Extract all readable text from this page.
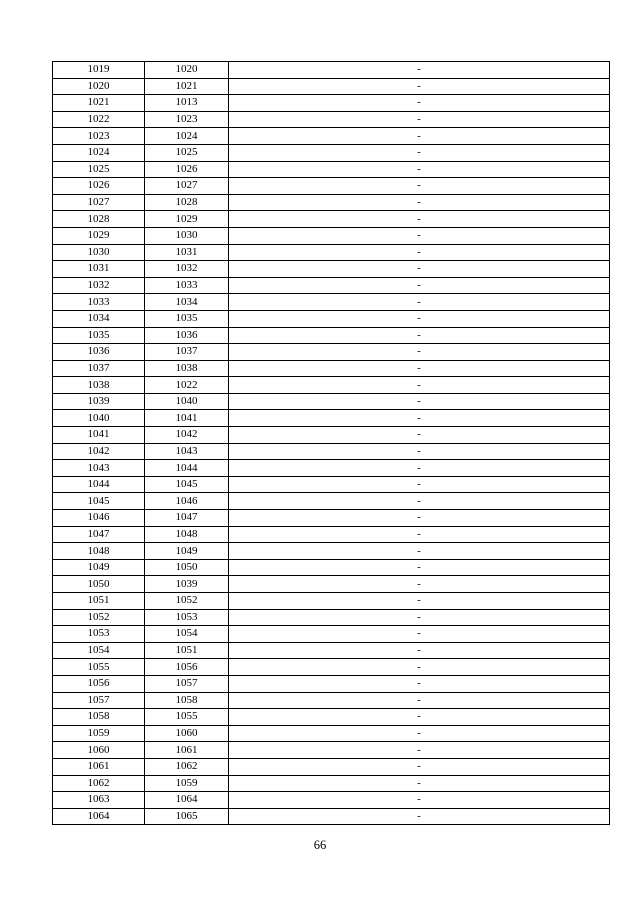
1019	1020	-
1020	1021	-
1021	1013	-
1022	1023	-
1023	1024	-
1024	1025	-
1025	1026	-
1026	1027	-
1027	1028	-
1028	1029	-
1029	1030	-
1030	1031	-
1031	1032	-
1032	1033	-
1033	1034	-
1034	1035	-
1035	1036	-
1036	1037	-
1037	1038	-
1038	1022	-
1039	1040	-
1040	1041	-
1041	1042	-
1042	1043	-
1043	1044	-
1044	1045	-
1045	1046	-
1046	1047	-
1047	1048	-
1048	1049	-
1049	1050	-
1050	1039	-
1051	1052	-
1052	1053	-
1053	1054	-
1054	1051	-
1055	1056	-
1056	1057	-
1057	1058	-
1058	1055	-
1059	1060	-
1060	1061	-
1061	1062	-
1062	1059	-
1063	1064	-
1064	1065	-
66
